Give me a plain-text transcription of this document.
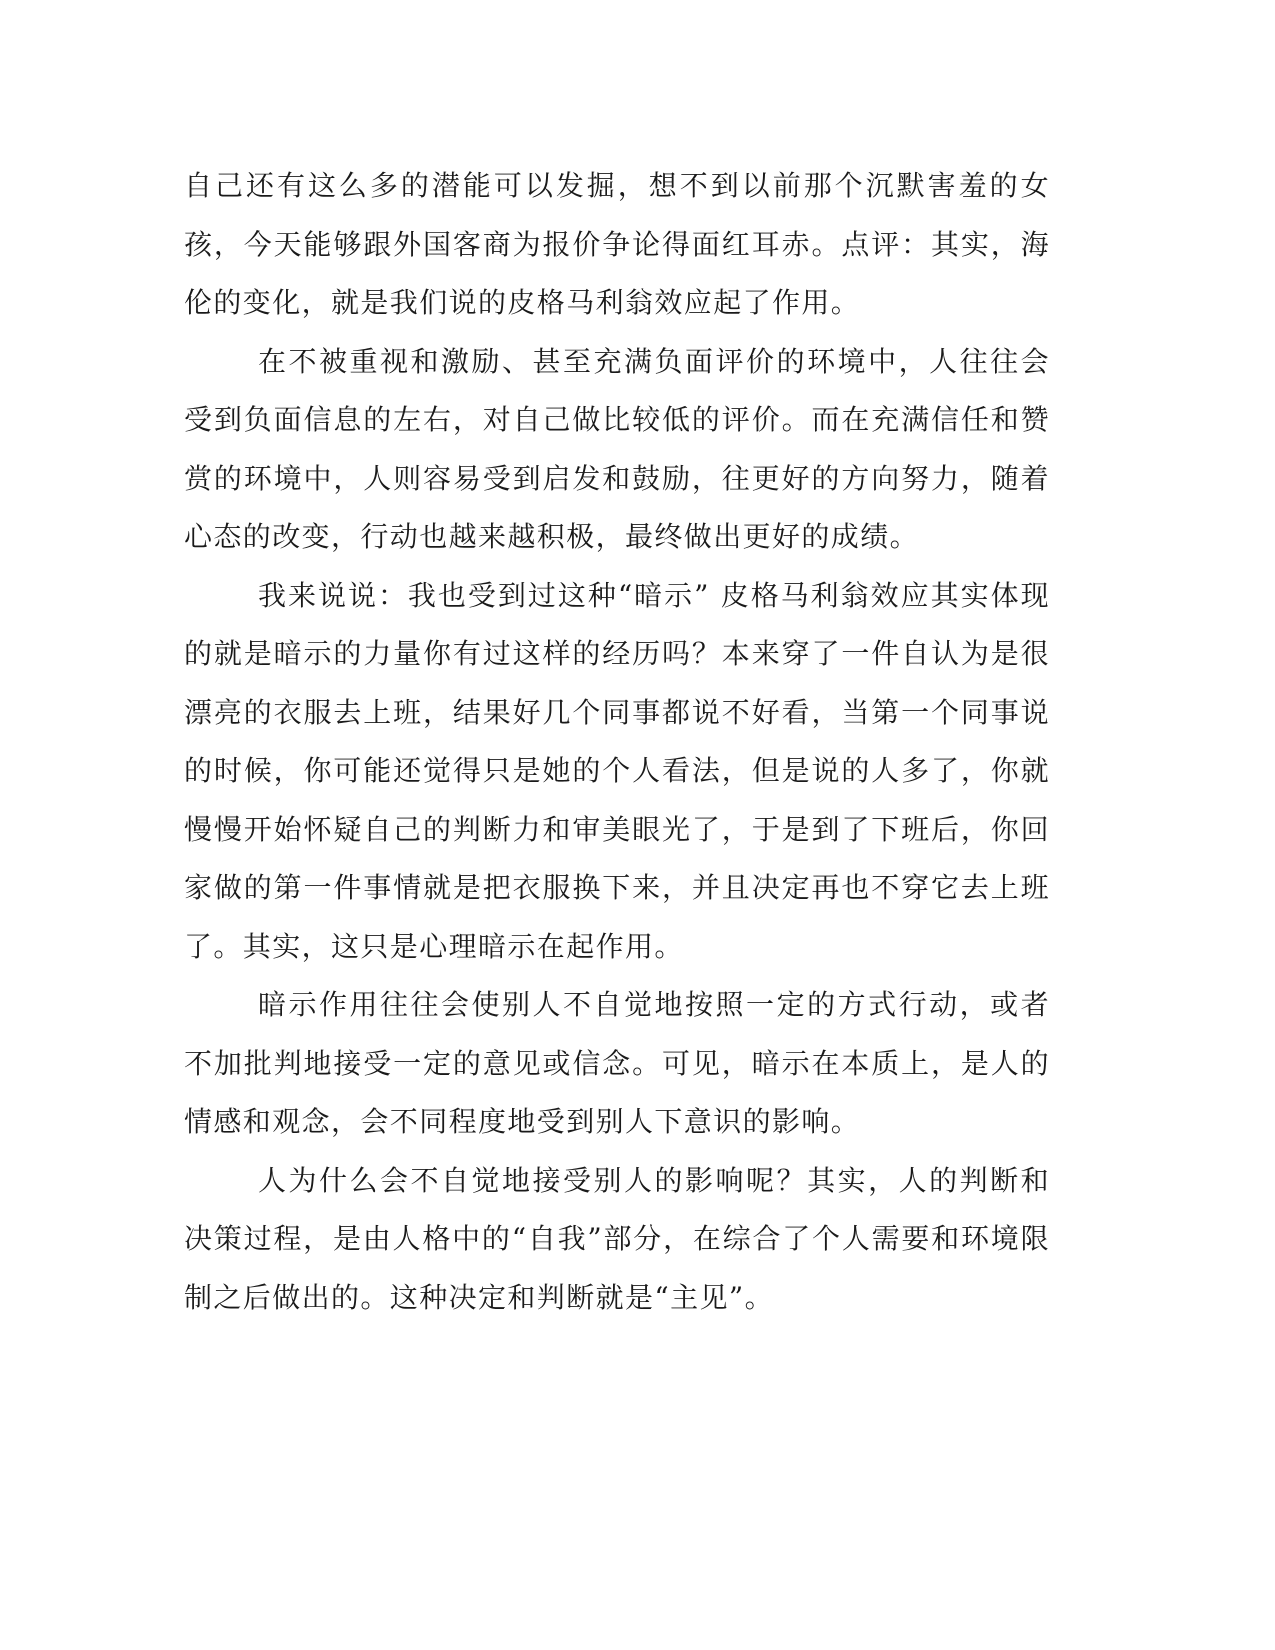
自己还有这么多的潜能可以发掘，想不到以前那个沉默害羞的女孩，今天能够跟外国客商为报价争论得面红耳赤。点评：其实，海伦的变化，就是我们说的皮格马利翁效应起了作用。

在不被重视和激励、甚至充满负面评价的环境中，人往往会受到负面信息的左右，对自己做比较低的评价。而在充满信任和赞赏的环境中，人则容易受到启发和鼓励，往更好的方向努力，随着心态的改变，行动也越来越积极，最终做出更好的成绩。

我来说说：我也受到过这种“暗示” 皮格马利翁效应其实体现的就是暗示的力量你有过这样的经历吗？本来穿了一件自认为是很漂亮的衣服去上班，结果好几个同事都说不好看，当第一个同事说的时候，你可能还觉得只是她的个人看法，但是说的人多了，你就慢慢开始怀疑自己的判断力和审美眼光了，于是到了下班后，你回家做的第一件事情就是把衣服换下来，并且决定再也不穿它去上班了。其实，这只是心理暗示在起作用。

暗示作用往往会使别人不自觉地按照一定的方式行动，或者不加批判地接受一定的意见或信念。可见，暗示在本质上，是人的情感和观念，会不同程度地受到别人下意识的影响。

人为什么会不自觉地接受别人的影响呢？其实，人的判断和决策过程，是由人格中的“自我”部分，在综合了个人需要和环境限制之后做出的。这种决定和判断就是“主见”。
